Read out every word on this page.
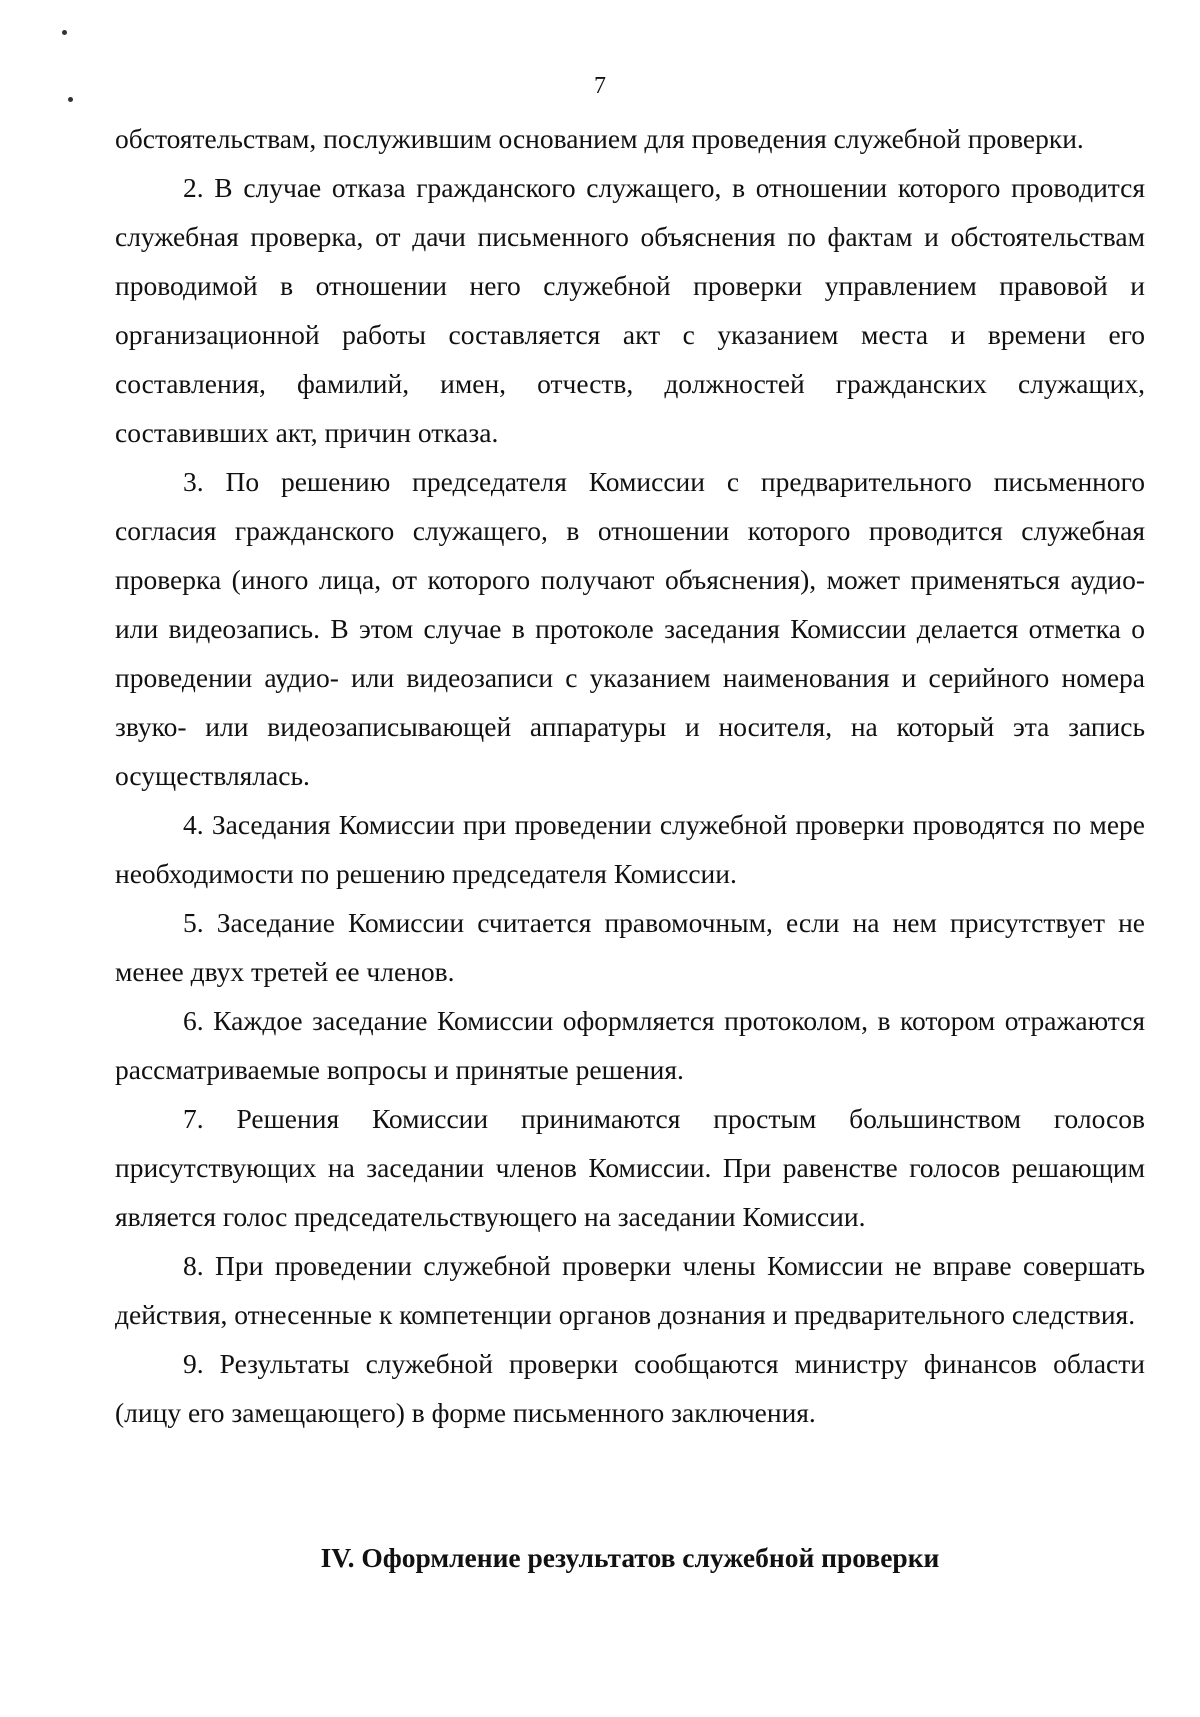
7

обстоятельствам, послужившим основанием для проведения служебной проверки.

2. В случае отказа гражданского служащего, в отношении которого проводится служебная проверка, от дачи письменного объяснения по фактам и обстоятельствам проводимой в отношении него служебной проверки управлением правовой и организационной работы составляется акт с указанием места и времени его составления, фамилий, имен, отчеств, должностей гражданских служащих, составивших акт, причин отказа.

3. По решению председателя Комиссии с предварительного письменного согласия гражданского служащего, в отношении которого проводится служебная проверка (иного лица, от которого получают объяснения), может применяться аудио- или видеозапись. В этом случае в протоколе заседания Комиссии делается отметка о проведении аудио- или видеозаписи с указанием наименования и серийного номера звуко- или видеозаписывающей аппаратуры и носителя, на который эта запись осуществлялась.

4. Заседания Комиссии при проведении служебной проверки проводятся по мере необходимости по решению председателя Комиссии.

5. Заседание Комиссии считается правомочным, если на нем присутствует не менее двух третей ее членов.

6. Каждое заседание Комиссии оформляется протоколом, в котором отражаются рассматриваемые вопросы и принятые решения.

7. Решения Комиссии принимаются простым большинством голосов присутствующих на заседании членов Комиссии. При равенстве голосов решающим является голос председательствующего на заседании Комиссии.

8. При проведении служебной проверки члены Комиссии не вправе совершать действия, отнесенные к компетенции органов дознания и предварительного следствия.

9. Результаты служебной проверки сообщаются министру финансов области (лицу его замещающего) в форме письменного заключения.

IV. Оформление результатов служебной проверки
